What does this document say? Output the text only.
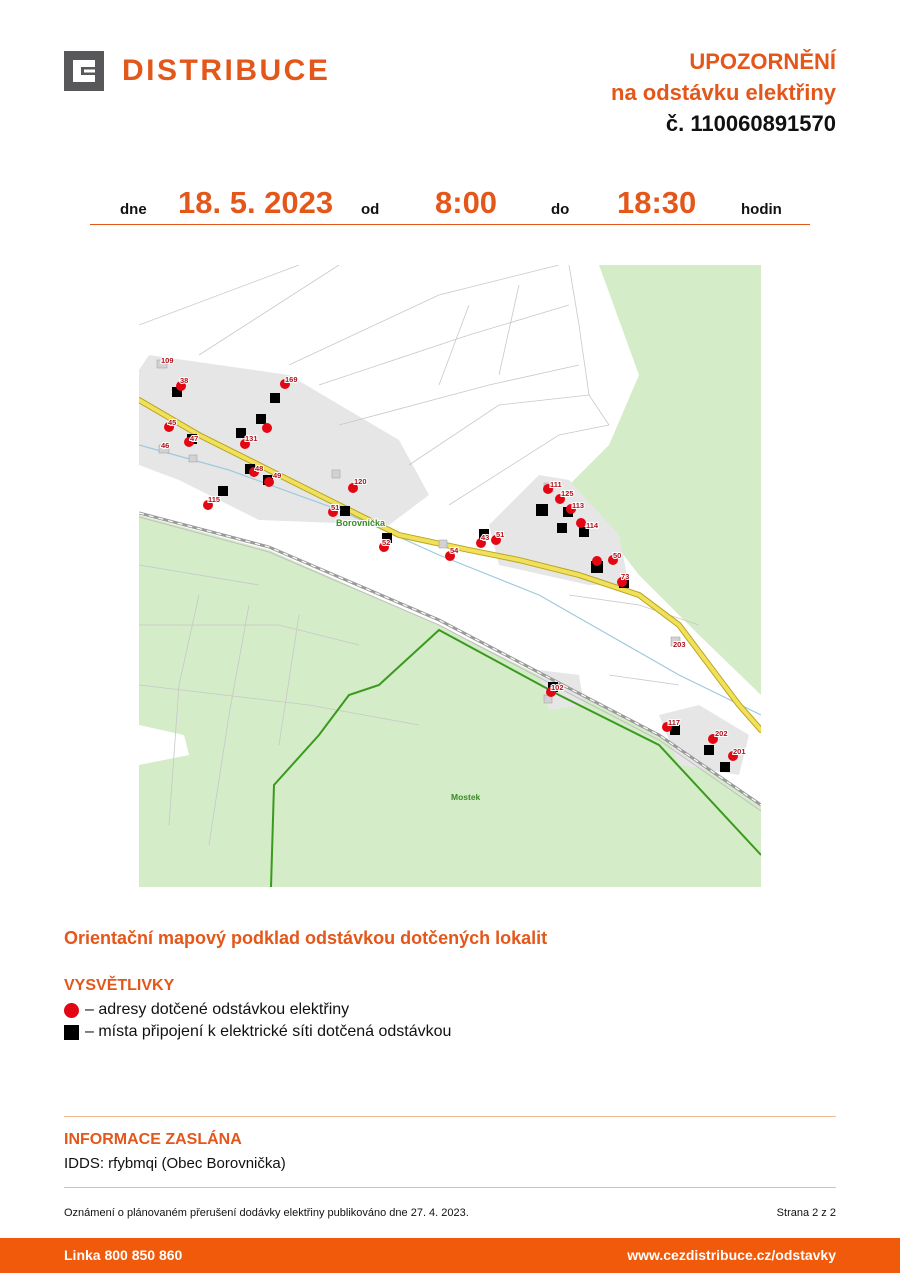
DISTRIBUCE	UPOZORNĚNÍ
na odstávku elektřiny
č. 110060891570
dne 18. 5. 2023 od 8:00	do 18:30	hodin
109
38	169
45
46
47	131
48
49
120
115
51
52
54
43 51
111
125
113
114
50
73
203
102
117
202
201
Borovnička
Mostek
Orientační mapový podklad odstávkou dotčených lokalit
VYSVĚTLIVKY
– adresy dotčené odstávkou elektřiny
– místa připojení k elektrické síti dotčená odstávkou
INFORMACE ZASLÁNA
IDDS: rfybmqi (Obec Borovnička)
Oznámení o plánovaném přerušení dodávky elektřiny publikováno dne 27. 4. 2023.	Strana 2 z 2
Linka 800 850 860	www.cezdistribuce.cz/odstavky
